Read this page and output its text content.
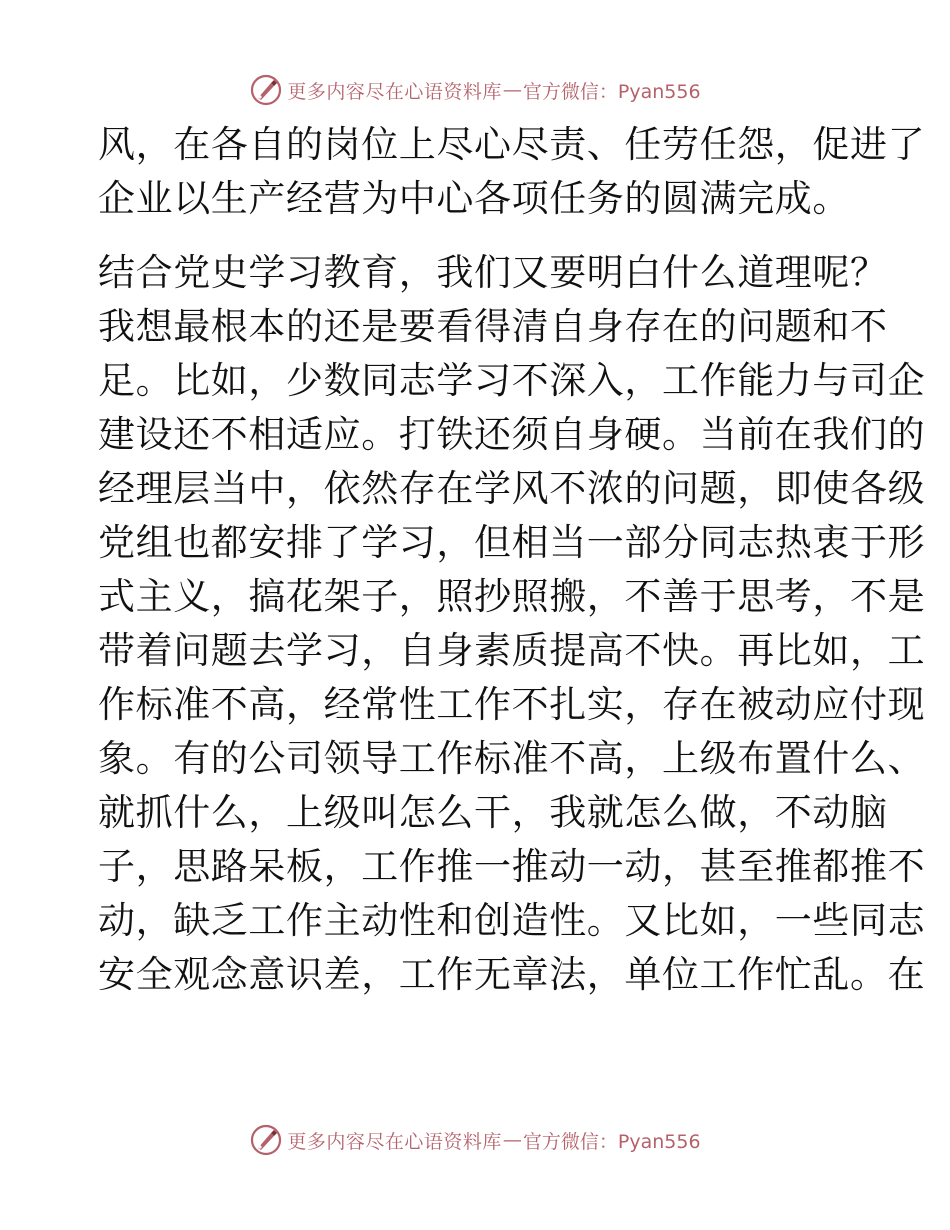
更多内容尽在心语资料库 — 官方微信：Pyan556
风，在各自的岗位上尽心尽责、任劳任怨，促进了
企业以生产经营为中心各项任务的圆满完成。
结合党史学习教育，我们又要明白什么道理呢？
我想最根本的还是要看得清自身存在的问题和不
足。比如，少数同志学习不深入，工作能力与司企
建设还不相适应。打铁还须自身硬。当前在我们的
经理层当中，依然存在学风不浓的问题，即使各级
党组也都安排了学习，但相当一部分同志热衷于形
式主义，搞花架子，照抄照搬，不善于思考，不是
带着问题去学习，自身素质提高不快。再比如，工
作标准不高，经常性工作不扎实，存在被动应付现
象。有的公司领导工作标准不高，上级布置什么、
就抓什么，上级叫怎么干，我就怎么做，不动脑
子，思路呆板，工作推一推动一动，甚至推都推不
动，缺乏工作主动性和创造性。又比如，一些同志
安全观念意识差，工作无章法，单位工作忙乱。在
更多内容尽在心语资料库 — 官方微信：Pyan556
